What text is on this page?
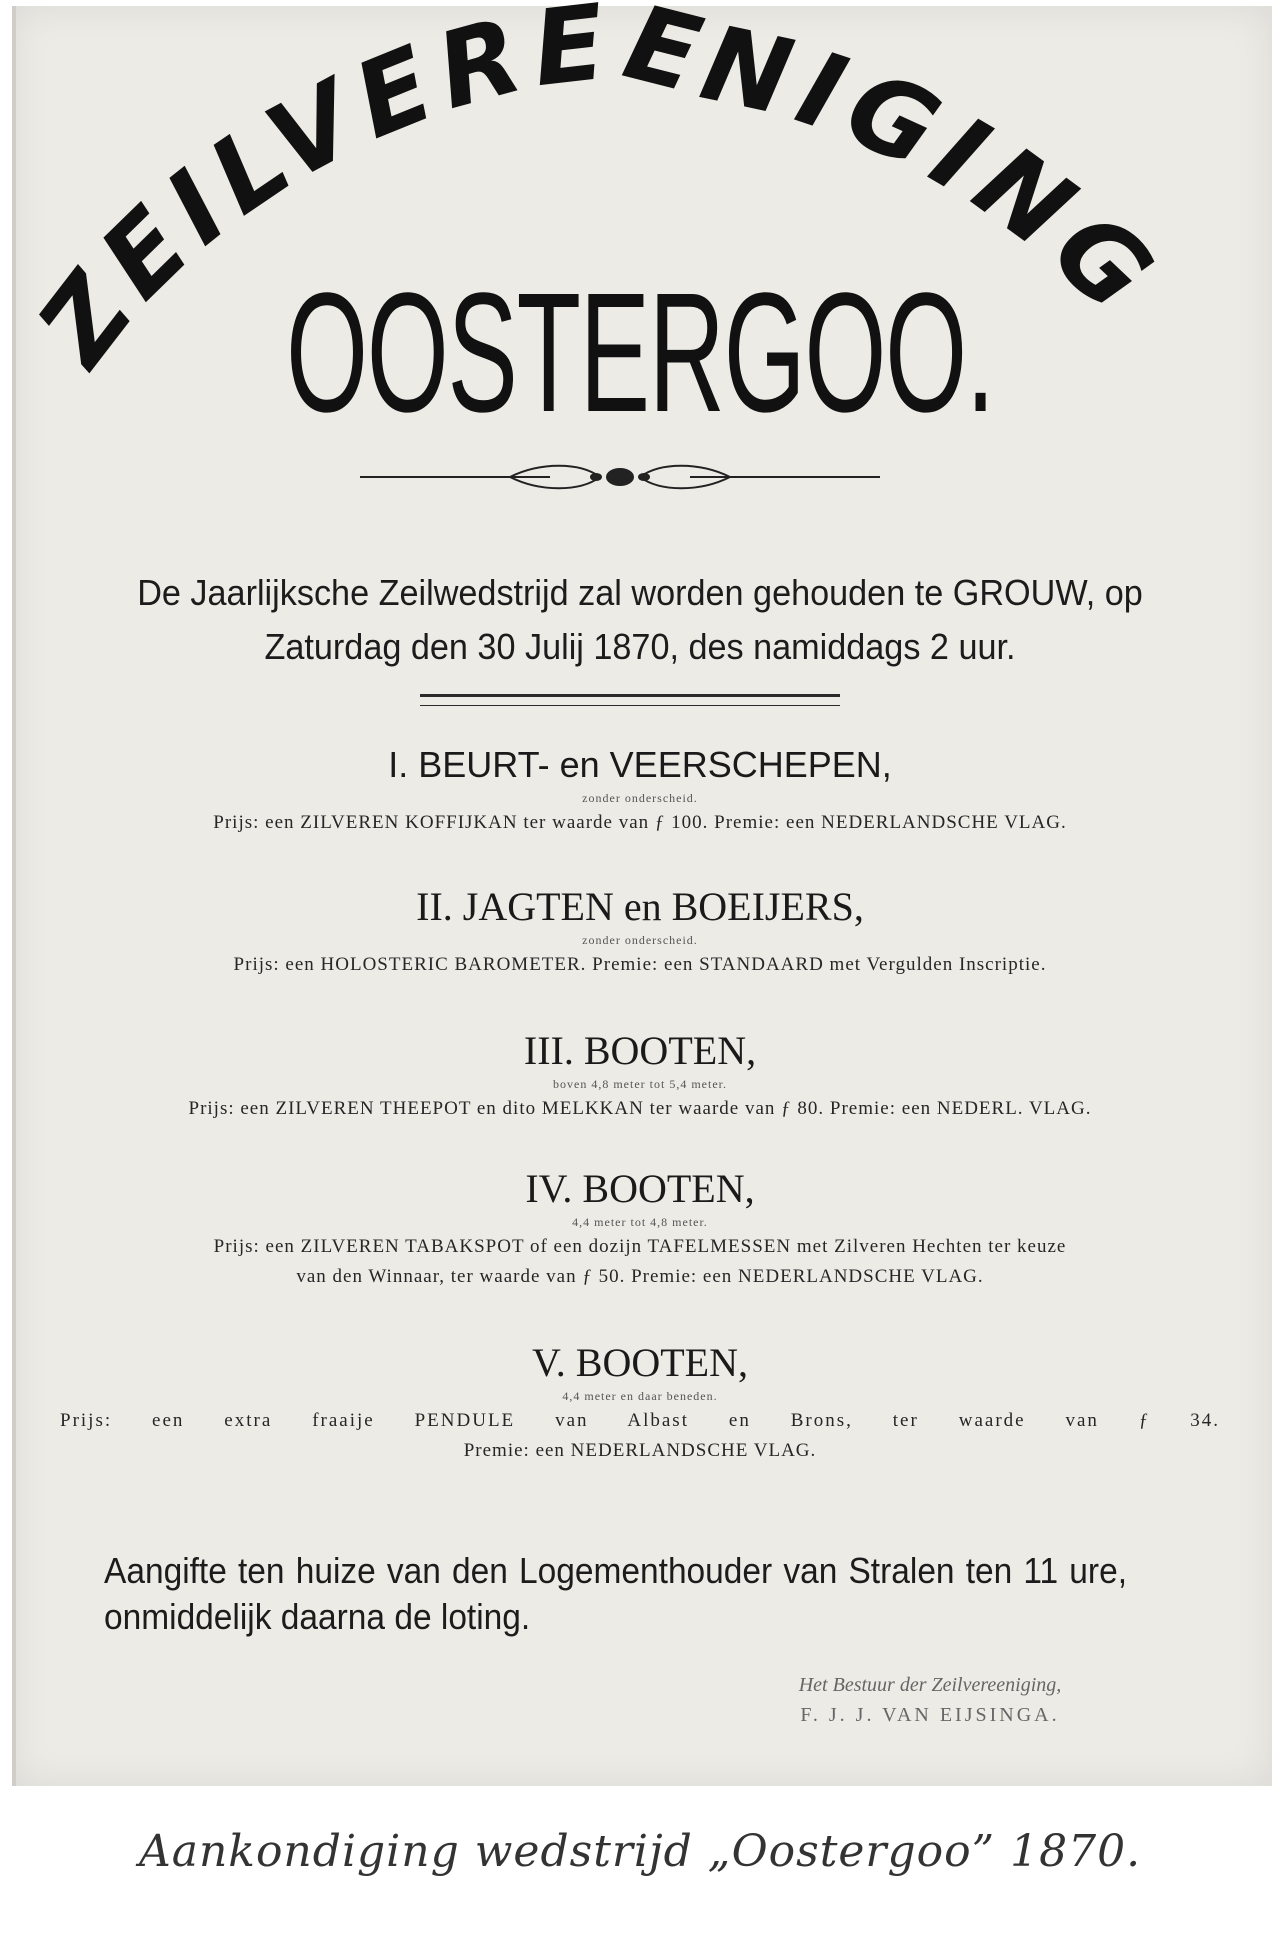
ZEILVEREENIGING
OOSTERGOO.
De Jaarlijksche Zeilwedstrijd zal worden gehouden te GROUW, op Zaturdag den 30 Julij 1870, des namiddags 2 uur.
I. BEURT- en VEERSCHEPEN,
zonder onderscheid.
Prijs: een ZILVEREN KOFFIJKAN ter waarde van ƒ 100. Premie: een NEDERLANDSCHE VLAG.
II. JAGTEN en BOEIJERS,
zonder onderscheid.
Prijs: een HOLOSTERIC BAROMETER. Premie: een STANDAARD met Vergulden Inscriptie.
III. BOOTEN,
boven 4,8 meter tot 5,4 meter.
Prijs: een ZILVEREN THEEPOT en dito MELKKAN ter waarde van ƒ 80. Premie: een NEDERL. VLAG.
IV. BOOTEN,
4,4 meter tot 4,8 meter.
Prijs: een ZILVEREN TABAKSPOT of een dozijn TAFELMESSEN met Zilveren Hechten ter keuze
van den Winnaar, ter waarde van ƒ 50. Premie: een NEDERLANDSCHE VLAG.
V. BOOTEN,
4,4 meter en daar beneden.
Prijs: een extra fraaije PENDULE van Albast en Brons, ter waarde van ƒ 34.
Premie: een NEDERLANDSCHE VLAG.
Aangifte ten huize van den Logementhouder van Stralen ten 11 ure, onmiddelijk daarna de loting.
Het Bestuur der Zeilvereeniging,
F. J. J. VAN EIJSINGA.
Aankondiging wedstrijd „Oostergoo” 1870.
